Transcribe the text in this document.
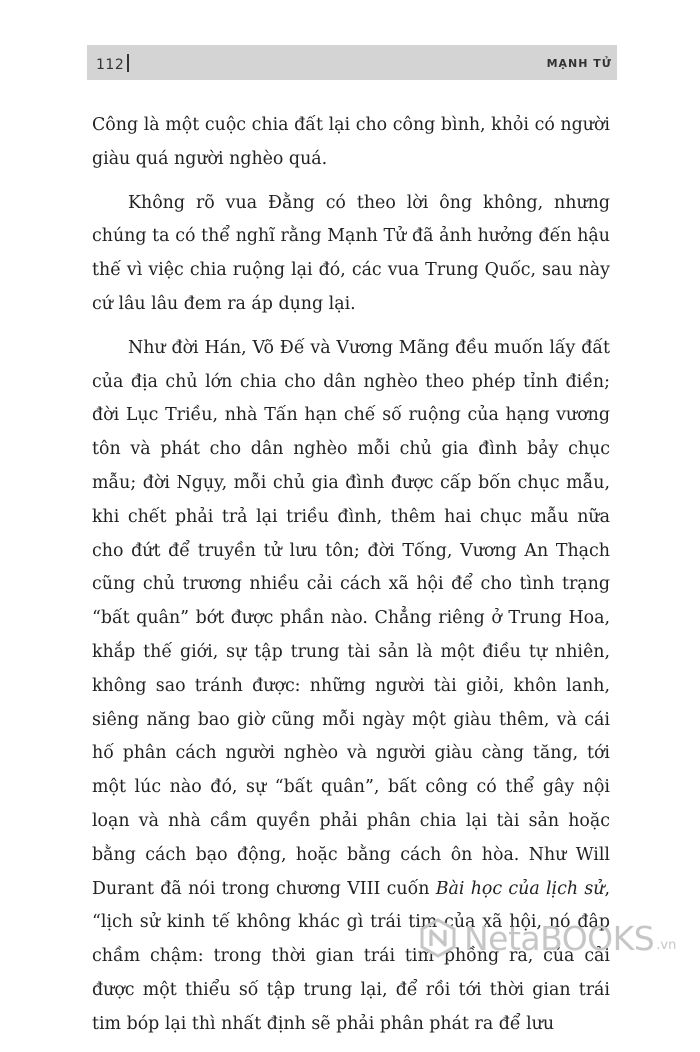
112	MẠNH TỬ

Công là một cuộc chia đất lại cho công bình, khỏi có người giàu quá người nghèo quá.

Không rõ vua Đằng có theo lời ông không, nhưng chúng ta có thể nghĩ rằng Mạnh Tử đã ảnh hưởng đến hậu thế vì việc chia ruộng lại đó, các vua Trung Quốc, sau này cứ lâu lâu đem ra áp dụng lại.

Như đời Hán, Võ Đế và Vương Mãng đều muốn lấy đất của địa chủ lớn chia cho dân nghèo theo phép tỉnh điền; đời Lục Triều, nhà Tấn hạn chế số ruộng của hạng vương tôn và phát cho dân nghèo mỗi chủ gia đình bảy chục mẫu; đời Ngụy, mỗi chủ gia đình được cấp bốn chục mẫu, khi chết phải trả lại triều đình, thêm hai chục mẫu nữa cho đứt để truyền tử lưu tôn; đời Tống, Vương An Thạch cũng chủ trương nhiều cải cách xã hội để cho tình trạng “bất quân” bớt được phần nào. Chẳng riêng ở Trung Hoa, khắp thế giới, sự tập trung tài sản là một điều tự nhiên, không sao tránh được: những người tài giỏi, khôn lanh, siêng năng bao giờ cũng mỗi ngày một giàu thêm, và cái hố phân cách người nghèo và người giàu càng tăng, tới một lúc nào đó, sự “bất quân”, bất công có thể gây nội loạn và nhà cầm quyền phải phân chia lại tài sản hoặc bằng cách bạo động, hoặc bằng cách ôn hòa. Như Will Durant đã nói trong chương VIII cuốn Bài học của lịch sử, “lịch sử kinh tế không khác gì trái tim của xã hội, nó đập chầm chậm: trong thời gian trái tim phồng ra, của cải được một thiểu số tập trung lại, để rồi tới thời gian trái tim bóp lại thì nhất định sẽ phải phân phát ra để lưu

NetaBOOKS .vn
